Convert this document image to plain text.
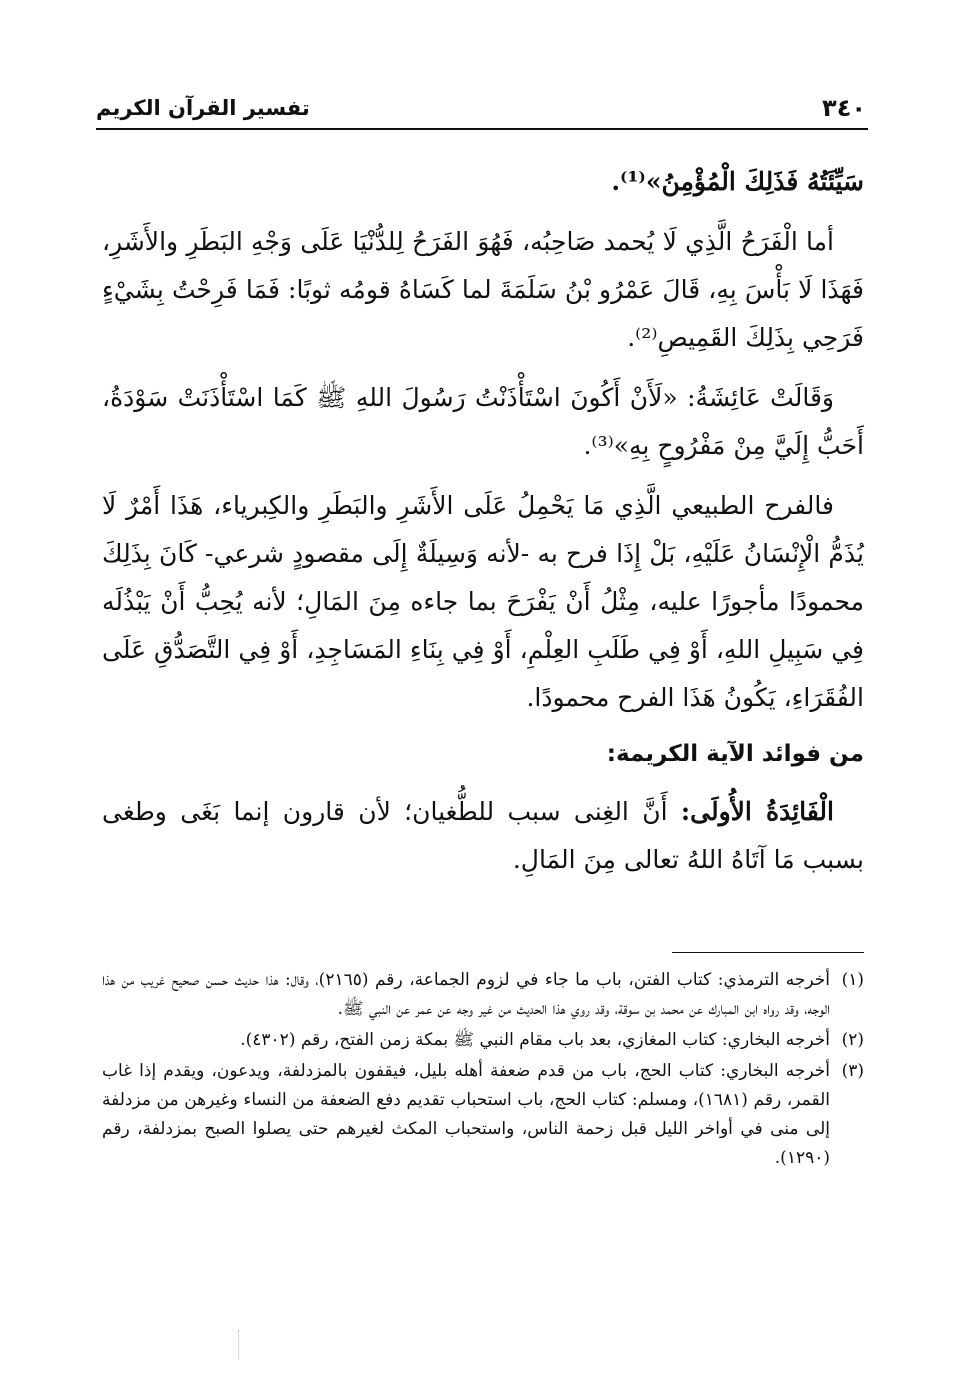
٣٤٠
تفسير القرآن الكريم

سَيِّئَتُهُ فَذَلِكَ الْمُؤْمِنُ»⁽¹⁾.

أما الْفَرَحُ الَّذِي لَا يُحمد صَاحِبُه، فَهُوَ الفَرَحُ لِلدُّنْيَا عَلَى وَجْهِ البَطَرِ والأَشَرِ، فَهَذَا لَا بَأْسَ بِهِ، قَالَ عَمْرُو بْنُ سَلَمَةَ لما كَسَاهُ قومُه ثوبًا: فَمَا فَرِحْتُ بِشَيْءٍ فَرَحِي بِذَلِكَ القَمِيصِ⁽²⁾.

وَقَالَتْ عَائِشَةُ: «لَأَنْ أَكُونَ اسْتَأْذَنْتُ رَسُولَ اللهِ ﷺ كَمَا اسْتَأْذَنَتْ سَوْدَةُ، أَحَبُّ إِلَيَّ مِنْ مَفْرُوحٍ بِهِ»⁽³⁾.

فالفرح الطبيعي الَّذِي مَا يَحْمِلُ عَلَى الأَشَرِ والبَطَرِ والكِبرياء، هَذَا أَمْرٌ لَا يُذَمُّ الْإِنْسَانُ عَلَيْهِ، بَلْ إِذَا فرح به -لأنه وَسِيلَةٌ إِلَى مقصودٍ شرعي- كَانَ بِذَلِكَ محمودًا مأجورًا عليه، مِثْلُ أَنْ يَفْرَحَ بما جاءه مِنَ المَالِ؛ لأنه يُحِبُّ أَنْ يَبْذُلَه فِي سَبِيلِ اللهِ، أَوْ فِي طَلَبِ العِلْمِ، أَوْ فِي بِنَاءِ المَسَاجِدِ، أَوْ فِي التَّصَدُّقِ عَلَى الفُقَرَاءِ، يَكُونُ هَذَا الفرح محمودًا.

من فوائد الآية الكريمة:

الْفَائِدَةُ الأُولَى: أَنَّ الغِنى سبب للطُّغيان؛ لأن قارون إنما بَغَى وطغى بسبب مَا آتَاهُ اللهُ تعالى مِنَ المَالِ.

(١)
أخرجه الترمذي: كتاب الفتن، باب ما جاء في لزوم الجماعة، رقم (٢١٦٥)، وقال: هذا حديث حسن صحيح غريب من هذا الوجه، وقد رواه ابن المبارك عن محمد بن سوقة، وقد روي هذا الحديث من غير وجه عن عمر عن النبي ﷺ.

(٢)
أخرجه البخاري: كتاب المغازي، بعد باب مقام النبي ﷺ بمكة زمن الفتح، رقم (٤٣٠٢).

(٣)
أخرجه البخاري: كتاب الحج، باب من قدم ضعفة أهله بليل، فيقفون بالمزدلفة، ويدعون، ويقدم إذا غاب القمر، رقم (١٦٨١)، ومسلم: كتاب الحج، باب استحباب تقديم دفع الضعفة من النساء وغيرهن من مزدلفة إلى منى في أواخر الليل قبل زحمة الناس، واستحباب المكث لغيرهم حتى يصلوا الصبح بمزدلفة، رقم (١٢٩٠).
